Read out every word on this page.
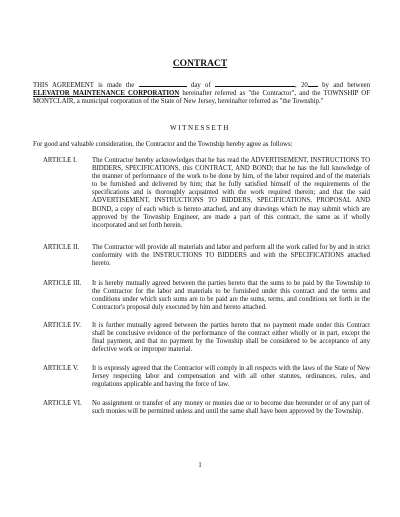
CONTRACT
THIS AGREEMENT is made the	day of	, 20 by and between ELEVATOR MAINTENANCE CORPORATION hereinafter referred as "the Contractor", and the TOWNSHIP OF MONTCLAIR, a municipal corporation of the State of New Jersey, hereinafter referred as "the Township."
WITNESSETH
For good and valuable consideration, the Contractor and the Township hereby agree as follows:
ARTICLE I.	The Contractor hereby acknowledges that he has read the ADVERTISEMENT, INSTRUCTIONS TO BIDDERS, SPECIFICATIONS, this CONTRACT, AND BOND; that he has the full knowledge of the manner of performance of the work to be done by him, of the labor required and of the materials to be furnished and delivered by him; that he fully satisfied himself of the requirements of the specifications and is thoroughly acquainted with the work required therein; and that the said ADVERTISEMENT, INSTRUCTIONS TO BIDDERS, SPECIFICATIONS, PROPOSAL AND BOND, a copy of each which is hereto attached, and any drawings which he may submit which are approved by the Township Engineer, are made a part of this contract, the same as if wholly incorporated and set forth herein.
ARTICLE II.	The Contractor will provide all materials and labor and perform all the work called for by and in strict conformity with the INSTRUCTIONS TO BIDDERS and with the SPECIFICATIONS attached hereto.
ARTICLE III.	It is hereby mutually agreed between the parties hereto that the sums to be paid by the Township to the Contractor for the labor and materials to be furnished under this contract and the terms and conditions under which such sums are to be paid are the sums, terms, and conditions set forth in the Contractor's proposal duly executed by him and hereto attached.
ARTICLE IV.	It is further mutually agreed between the parties hereto that no payment made under this Contract shall be conclusive evidence of the performance of the contract either wholly or in part, except the final payment, and that no payment by the Township shall be considered to be acceptance of any defective work or improper material.
ARTICLE V.	It is expressly agreed that the Contractor will comply in all respects with the laws of the State of New Jersey respecting labor and compensation and with all other statutes, ordinances, rules, and regulations applicable and having the force of law.
ARTICLE VI.	No assignment or transfer of any money or monies due or to become due hereunder or of any part of such monies will be permitted unless and until the same shall have been approved by the Township.
1
